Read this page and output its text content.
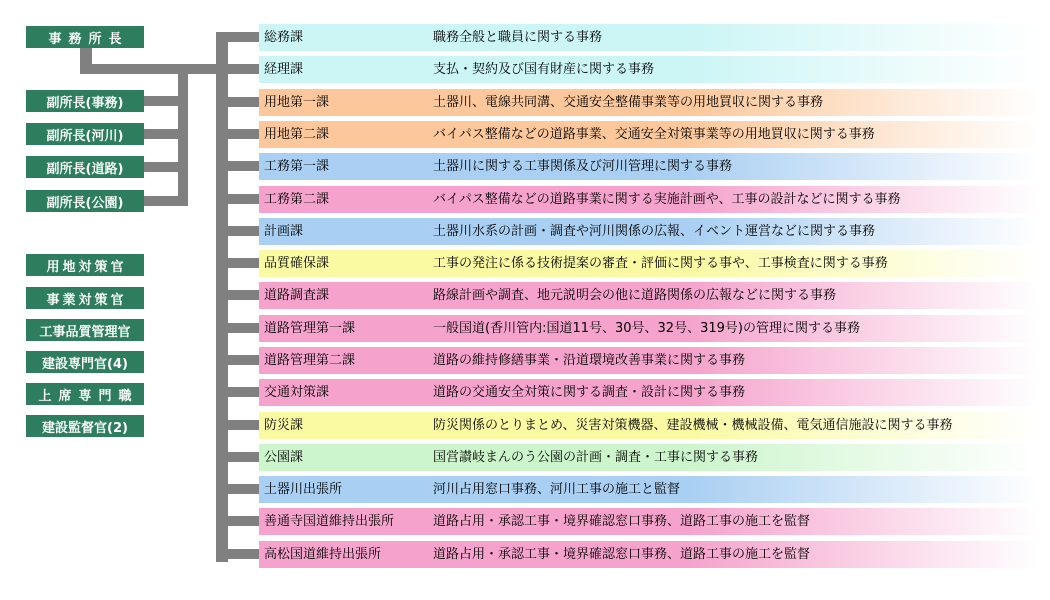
事務所長
副所長(事務)
副所長(河川)
副所長(道路)
副所長(公園)
用地対策官
事業対策官
工事品質管理官
建設専門官(4)
上席専門職
建設監督官(2)
総務課	職務全般と職員に関する事務
経理課	支払・契約及び国有財産に関する事務
用地第一課	土器川、電線共同溝、交通安全整備事業等の用地買収に関する事務
用地第二課	バイパス整備などの道路事業、交通安全対策事業等の用地買収に関する事務
工務第一課	土器川に関する工事関係及び河川管理に関する事務
工務第二課	バイパス整備などの道路事業に関する実施計画や、工事の設計などに関する事務
計画課	土器川水系の計画・調査や河川関係の広報、イベント運営などに関する事務
品質確保課	工事の発注に係る技術提案の審査・評価に関する事や、工事検査に関する事務
道路調査課	路線計画や調査、地元説明会の他に道路関係の広報などに関する事務
道路管理第一課	一般国道(香川管内:国道11号、30号、32号、319号)の管理に関する事務
道路管理第二課	道路の維持修繕事業・沿道環境改善事業に関する事務
交通対策課	道路の交通安全対策に関する調査・設計に関する事務
防災課	防災関係のとりまとめ、災害対策機器、建設機械・機械設備、電気通信施設に関する事務
公園課	国営讃岐まんのう公園の計画・調査・工事に関する事務
土器川出張所	河川占用窓口事務、河川工事の施工と監督
善通寺国道維持出張所	道路占用・承認工事・境界確認窓口事務、道路工事の施工を監督
高松国道維持出張所	道路占用・承認工事・境界確認窓口事務、道路工事の施工を監督
